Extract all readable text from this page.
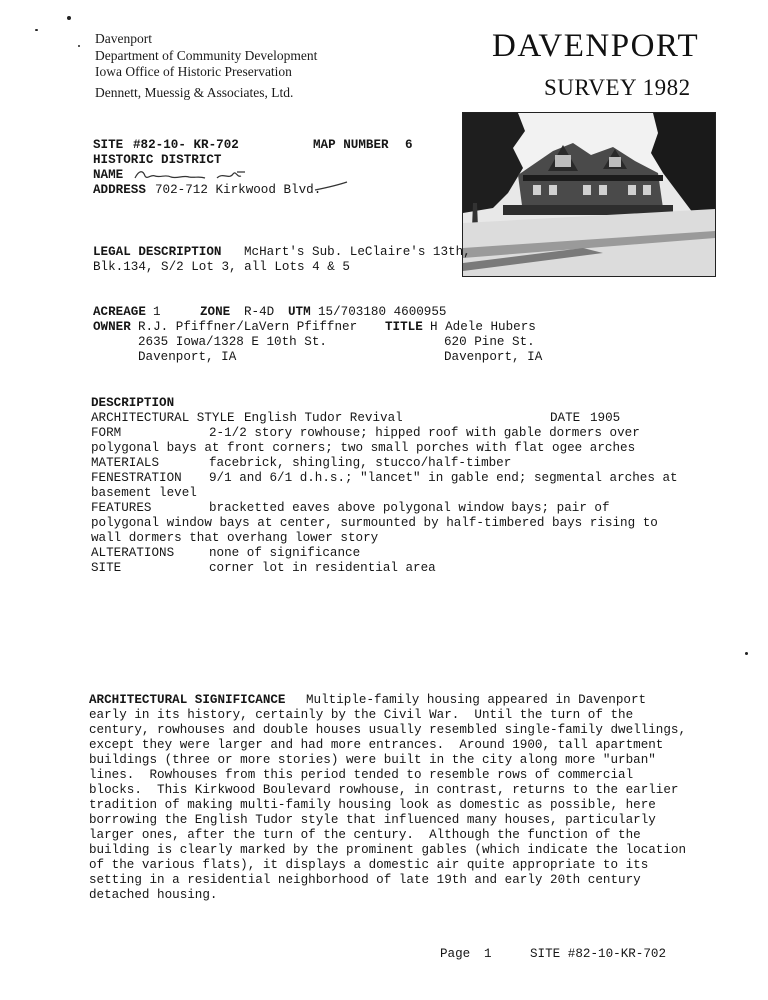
Davenport
Department of Community Development
Iowa Office of Historic Preservation
Dennett, Muessig & Associates, Ltd.
DAVENPORT
SURVEY 1982
SITE #82-10- KR-702	MAP NUMBER 6
HISTORIC DISTRICT
NAME
ADDRESS 702-712 Kirkwood Blvd.
LEGAL DESCRIPTION McHart's Sub. LeClaire's 13th,
Blk.134, S/2 Lot 3, all Lots 4 & 5
ACREAGE 1	ZONE R-4D UTM 15/703180 4600955
OWNER R.J. Pfiffner/LaVern Pfiffner
2635 Iowa/1328 E 10th St.
Davenport, IA
TITLE H Adele Hubers
620 Pine St.
Davenport, IA
DESCRIPTION
ARCHITECTURAL STYLE English Tudor Revival	DATE 1905
FORM	2-1/2 story rowhouse; hipped roof with gable dormers over
polygonal bays at front corners; two small porches with flat ogee arches
MATERIALS	facebrick, shingling, stucco/half-timber
FENESTRATION 9/1 and 6/1 d.h.s.; "lancet" in gable end; segmental arches at
basement level
FEATURES	bracketted eaves above polygonal window bays; pair of
polygonal window bays at center, surmounted by half-timbered bays rising to
wall dormers that overhang lower story
ALTERATIONS	none of significance
SITE	corner lot in residential area
ARCHITECTURAL SIGNIFICANCE Multiple-family housing appeared in Davenport
early in its history, certainly by the Civil War.  Until the turn of the
century, rowhouses and double houses usually resembled single-family dwellings,
except they were larger and had more entrances.  Around 1900, tall apartment
buildings (three or more stories) were built in the city along more "urban"
lines.  Rowhouses from this period tended to resemble rows of commercial
blocks.  This Kirkwood Boulevard rowhouse, in contrast, returns to the earlier
tradition of making multi-family housing look as domestic as possible, here
borrowing the English Tudor style that influenced many houses, particularly
larger ones, after the turn of the century.  Although the function of the
building is clearly marked by the prominent gables (which indicate the location
of the various flats), it displays a domestic air quite appropriate to its
setting in a residential neighborhood of late 19th and early 20th century
detached housing.
Page 1	SITE #82-10-KR-702
